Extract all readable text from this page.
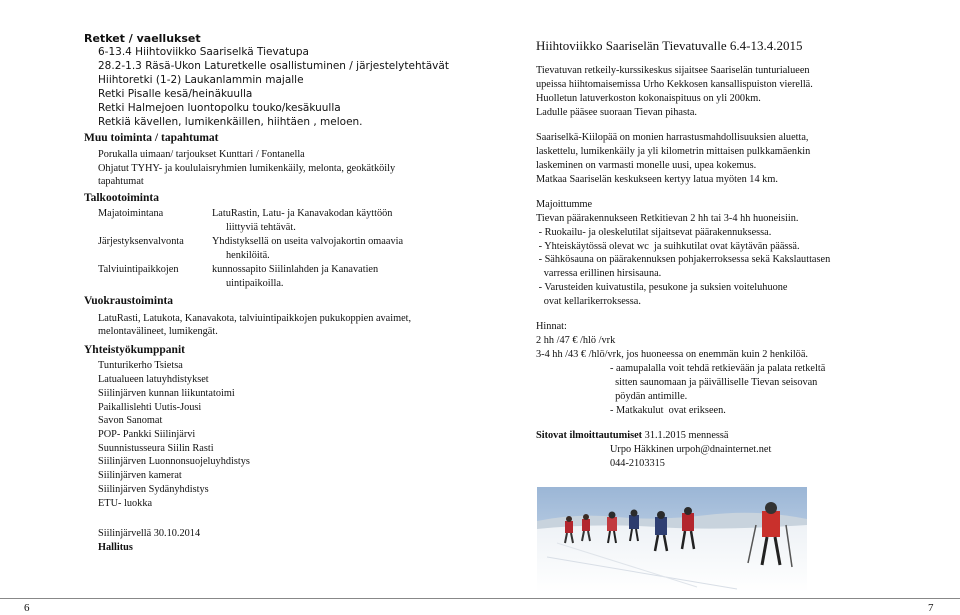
Retket / vaellukset
6-13.4 Hiihtoviikko Saariselkä Tievatupa
28.2-1.3 Räsä-Ukon Laturetkelle osallistuminen / järjestelytehtävät
Hiihtoretki (1-2) Laukanlammin majalle
Retki Pisalle kesä/heinäkuulla
Retki Halmejoen luontopolku touko/kesäkuulla
Retkiä kävellen, lumikenkäillen, hiihtäen , meloen.
Muu toiminta / tapahtumat
Porukalla uimaan/ tarjoukset Kunttari / Fontanella
Ohjatut TYHY- ja koululaisryhmien lumikenkäily, melonta, geokätköily
tapahtumat
Talkootoiminta
Majatoimintana	LatuRastin, Latu- ja Kanavakodan käyttöön
liittyviä tehtävät.
Järjestyksenvalvonta	Yhdistyksellä on useita valvojakortin omaavia
henkilöitä.
Talviuintipaikkojen	kunnossapito Siilinlahden ja Kanavatien
uintipaikoilla.
Vuokraustoiminta
LatuRasti, Latukota, Kanavakota, talviuintipaikkojen pukukoppien avaimet,
melontavälineet, lumikengät.
Yhteistyökumppanit
Tunturikerho Tsietsa
Latualueen latuyhdistykset
Siilinjärven kunnan liikuntatoimi
Paikallislehti Uutis-Jousi
Savon Sanomat
POP- Pankki Siilinjärvi
Suunnistusseura Siilin Rasti
Siilinjärven Luonnonsuojeluyhdistys
Siilinjärven kamerat
Siilinjärven Sydänyhdistys
ETU- luokka
Siilinjärvellä 30.10.2014
Hallitus
6
Hiihtoviikko Saariselän Tievatuvalle 6.4-13.4.2015
Tievatuvan retkeily-kurssikeskus sijaitsee Saariselän tunturialueen
upeissa hiihtomaisemissa Urho Kekkosen kansallispuiston vierellä.
Huolletun latuverkoston kokonaispituus on yli 200km.
Ladulle pääsee suoraan Tievan pihasta.
Saariselkä-Kiilopää on monien harrastusmahdollisuuksien aluetta,
laskettelu, lumikenkäily ja yli kilometrin mittaisen pulkkamäenkin
laskeminen on varmasti monelle uusi, upea kokemus.
Matkaa Saariselän keskukseen kertyy latua myöten 14 km.
Majoittumme
Tievan päärakennukseen Retkitievan 2 hh tai 3-4 hh huoneisiin.
- Ruokailu- ja oleskelutilat sijaitsevat päärakennuksessa.
- Yhteiskäytössä olevat wc  ja suihkutilat ovat käytävän päässä.
- Sähkösauna on päärakennuksen pohjakerroksessa sekä Kakslauttasen
varressa erillinen hirsisauna.
- Varusteiden kuivatustila, pesukone ja suksien voiteluhuone
ovat kellarikerroksessa.
Hinnat:
2 hh /47 € /hlö /vrk
3-4 hh /43 € /hlö/vrk, jos huoneessa on enemmän kuin 2 henkilöä.
- aamupalalla voit tehdä retkievään ja palata retkeltä
sitten saunomaan ja päivälliselle Tievan seisovan
pöydän antimille.
- Matkakulut  ovat erikseen.
Sitovat ilmoittautumiset 31.1.2015 mennessä
Urpo Häkkinen urpoh@dnainternet.net
044-2103315
7
